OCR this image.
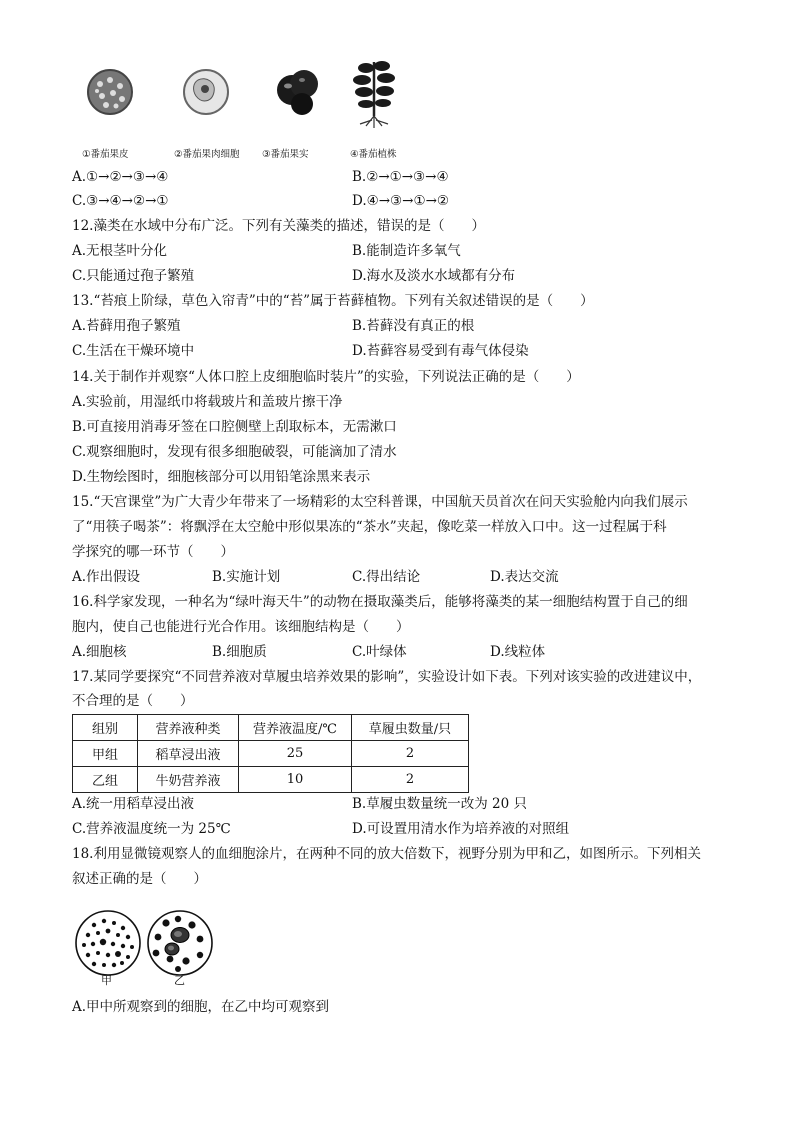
①番茄果皮	②番茄果肉细胞 ③番茄果实	④番茄植株
A.①→②→③→④	B.②→①→③→④
C.③→④→②→①	D.④→③→①→②
12.藻类在水域中分布广泛。下列有关藻类的描述，错误的是（　　）
A.无根茎叶分化	B.能制造许多氧气
C.只能通过孢子繁殖	D.海水及淡水水域都有分布
13.“苔痕上阶绿，草色入帘青”中的“苔”属于苔藓植物。下列有关叙述错误的是（　　）
A.苔藓用孢子繁殖	B.苔藓没有真正的根
C.生活在干燥环境中	D.苔藓容易受到有毒气体侵染
14.关于制作并观察“人体口腔上皮细胞临时装片”的实验，下列说法正确的是（　　）
A.实验前，用湿纸巾将载玻片和盖玻片擦干净
B.可直接用消毒牙签在口腔侧壁上刮取标本，无需漱口
C.观察细胞时，发现有很多细胞破裂，可能滴加了清水
D.生物绘图时，细胞核部分可以用铅笔涂黑来表示
15.“天宫课堂”为广大青少年带来了一场精彩的太空科普课，中国航天员首次在问天实验舱内向我们展示
了“用筷子喝茶”：将飘浮在太空舱中形似果冻的“茶水”夹起，像吃菜一样放入口中。这一过程属于科
学探究的哪一环节（　　）
A.作出假设	B.实施计划	C.得出结论	D.表达交流
16.科学家发现，一种名为“绿叶海天牛”的动物在摄取藻类后，能够将藻类的某一细胞结构置于自己的细
胞内，使自己也能进行光合作用。该细胞结构是（　　）
A.细胞核	B.细胞质	C.叶绿体	D.线粒体
17.某同学要探究“不同营养液对草履虫培养效果的影响”，实验设计如下表。下列对该实验的改进建议中，
不合理的是（　　）
组别	营养液种类	营养液温度/℃	草履虫数量/只
甲组	稻草浸出液	25	2
乙组	牛奶营养液	10	2
A.统一用稻草浸出液	B.草履虫数量统一改为 20 只
C.营养液温度统一为 25℃	D.可设置用清水作为培养液的对照组
18.利用显微镜观察人的血细胞涂片，在两种不同的放大倍数下，视野分别为甲和乙，如图所示。下列相关
叙述正确的是（　　）
甲	乙
A.甲中所观察到的细胞，在乙中均可观察到
